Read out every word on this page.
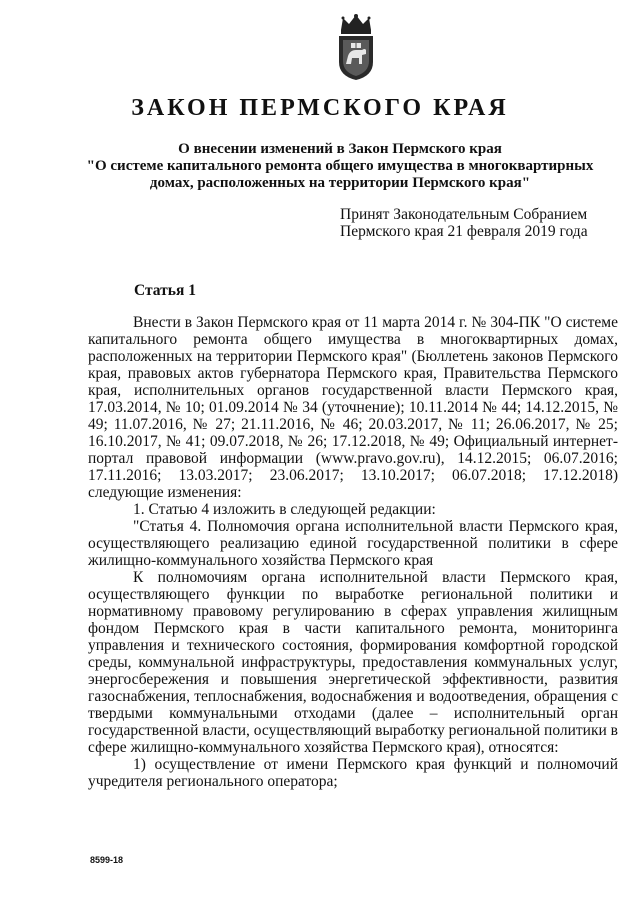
ЗАКОН ПЕРМСКОГО КРАЯ
О внесении изменений в Закон Пермского края
"О системе капитального ремонта общего имущества в многоквартирных
домах, расположенных на территории Пермского края"
Принят Законодательным Собранием
Пермского края 21 февраля 2019 года
Статья 1

Внести в Закон Пермского края от 11 марта 2014 г. № 304-ПК "О системе капитального ремонта общего имущества в многоквартирных домах, расположенных на территории Пермского края" (Бюллетень законов Пермского края, правовых актов губернатора Пермского края, Правительства Пермского края, исполнительных органов государственной власти Пермского края, 17.03.2014, № 10; 01.09.2014 № 34 (уточнение); 10.11.2014 № 44; 14.12.2015, № 49; 11.07.2016, № 27; 21.11.2016, № 46; 20.03.2017, № 11; 26.06.2017, № 25; 16.10.2017, № 41; 09.07.2018, № 26; 17.12.2018, № 49; Официальный интернет-портал правовой информации (www.pravo.gov.ru), 14.12.2015; 06.07.2016; 17.11.2016; 13.03.2017; 23.06.2017; 13.10.2017; 06.07.2018; 17.12.2018) следующие изменения:

1. Статью 4 изложить в следующей редакции:

"Статья 4. Полномочия органа исполнительной власти Пермского края, осуществляющего реализацию единой государственной политики в сфере жилищно-коммунального хозяйства Пермского края

К полномочиям органа исполнительной власти Пермского края, осуществляющего функции по выработке региональной политики и нормативному правовому регулированию в сферах управления жилищным фондом Пермского края в части капитального ремонта, мониторинга управления и технического состояния, формирования комфортной городской среды, коммунальной инфраструктуры, предоставления коммунальных услуг, энергосбережения и повышения энергетической эффективности, развития газоснабжения, теплоснабжения, водоснабжения и водоотведения, обращения с твердыми коммунальными отходами (далее – исполнительный орган государственной власти, осуществляющий выработку региональной политики в сфере жилищно-коммунального хозяйства Пермского края), относятся:

1) осуществление от имени Пермского края функций и полномочий учредителя регионального оператора;

8599-18
